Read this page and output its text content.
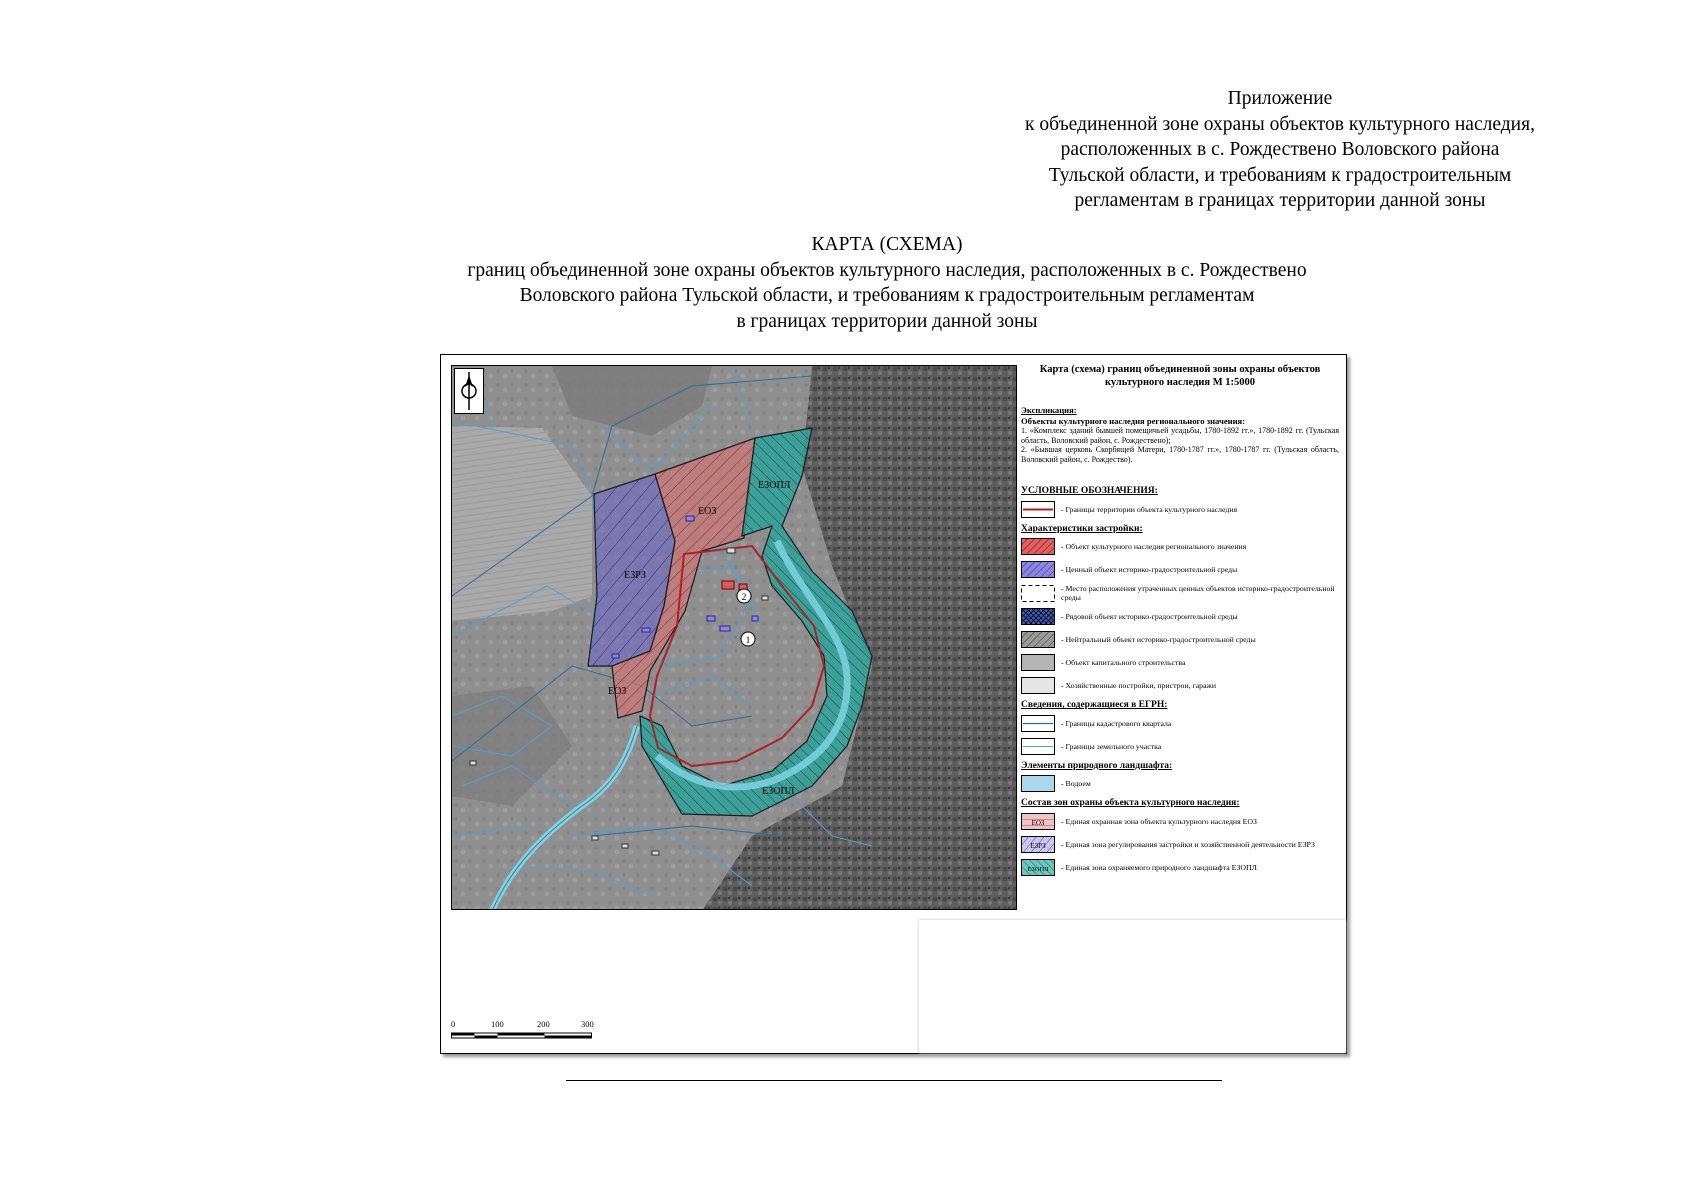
Приложение
к объединенной зоне охраны объектов культурного наследия,
расположенных в с. Рождествено Воловского района
Тульской области, и требованиям к градостроительным
регламентам в границах территории данной зоны
КАРТА (СХЕМА)
границ объединенной зоне охраны объектов культурного наследия, расположенных в с. Рождествено
Воловского района Тульской области, и требованиям к градостроительным регламентам
в границах территории данной зоны
ЕЗРЗ
ЕОЗ
ЕОЗ
ЕЗОПЛ
ЕЗОПЛ
1
2
Карта (схема) границ объединенной зоны охраны объектов культурного наследия М 1:5000
Экспликация:
Объекты культурного наследия регионального значения:
1. «Комплекс зданий бывшей помещичьей усадьбы, 1780-1892 гг.», 1780-1892 гг. (Тульская область, Воловский район, с. Рождествено);
2. «Бывшая церковь Скорбящей Матери, 1780-1787 гг.», 1780-1787 гг. (Тульская область, Воловский район, с. Рождество).
УСЛОВНЫЕ ОБОЗНАЧЕНИЯ:
- Границы территории объекта культурного наследия
Характеристики застройки:
- Объект культурного наследия регионального значения
- Ценный объект историко-градостроительной среды
- Место расположения утраченных ценных объектов историко-градостроительной среды
- Рядовой объект историко-градостроительной среды
- Нейтральный объект историко-градостроительной среды
- Объект капитального строительства
- Хозяйственные постройки, пристрои, гаражи
Сведения, содержащиеся в ЕГРН:
- Границы кадастрового квартала
- Границы земельного участка
Элементы природного ландшафта:
- Водоем
Состав зон охраны объекта культурного наследия:
ЕОЗ - Единая охранная зона объекта культурного наследия ЕОЗ
ЕЗРЗ - Единая зона регулирования застройки и хозяйственной деятельности ЕЗРЗ
ЕЗОПЛ - Единая зона охраняемого природного ландшафта ЕЗОПЛ
0	100	200	300
